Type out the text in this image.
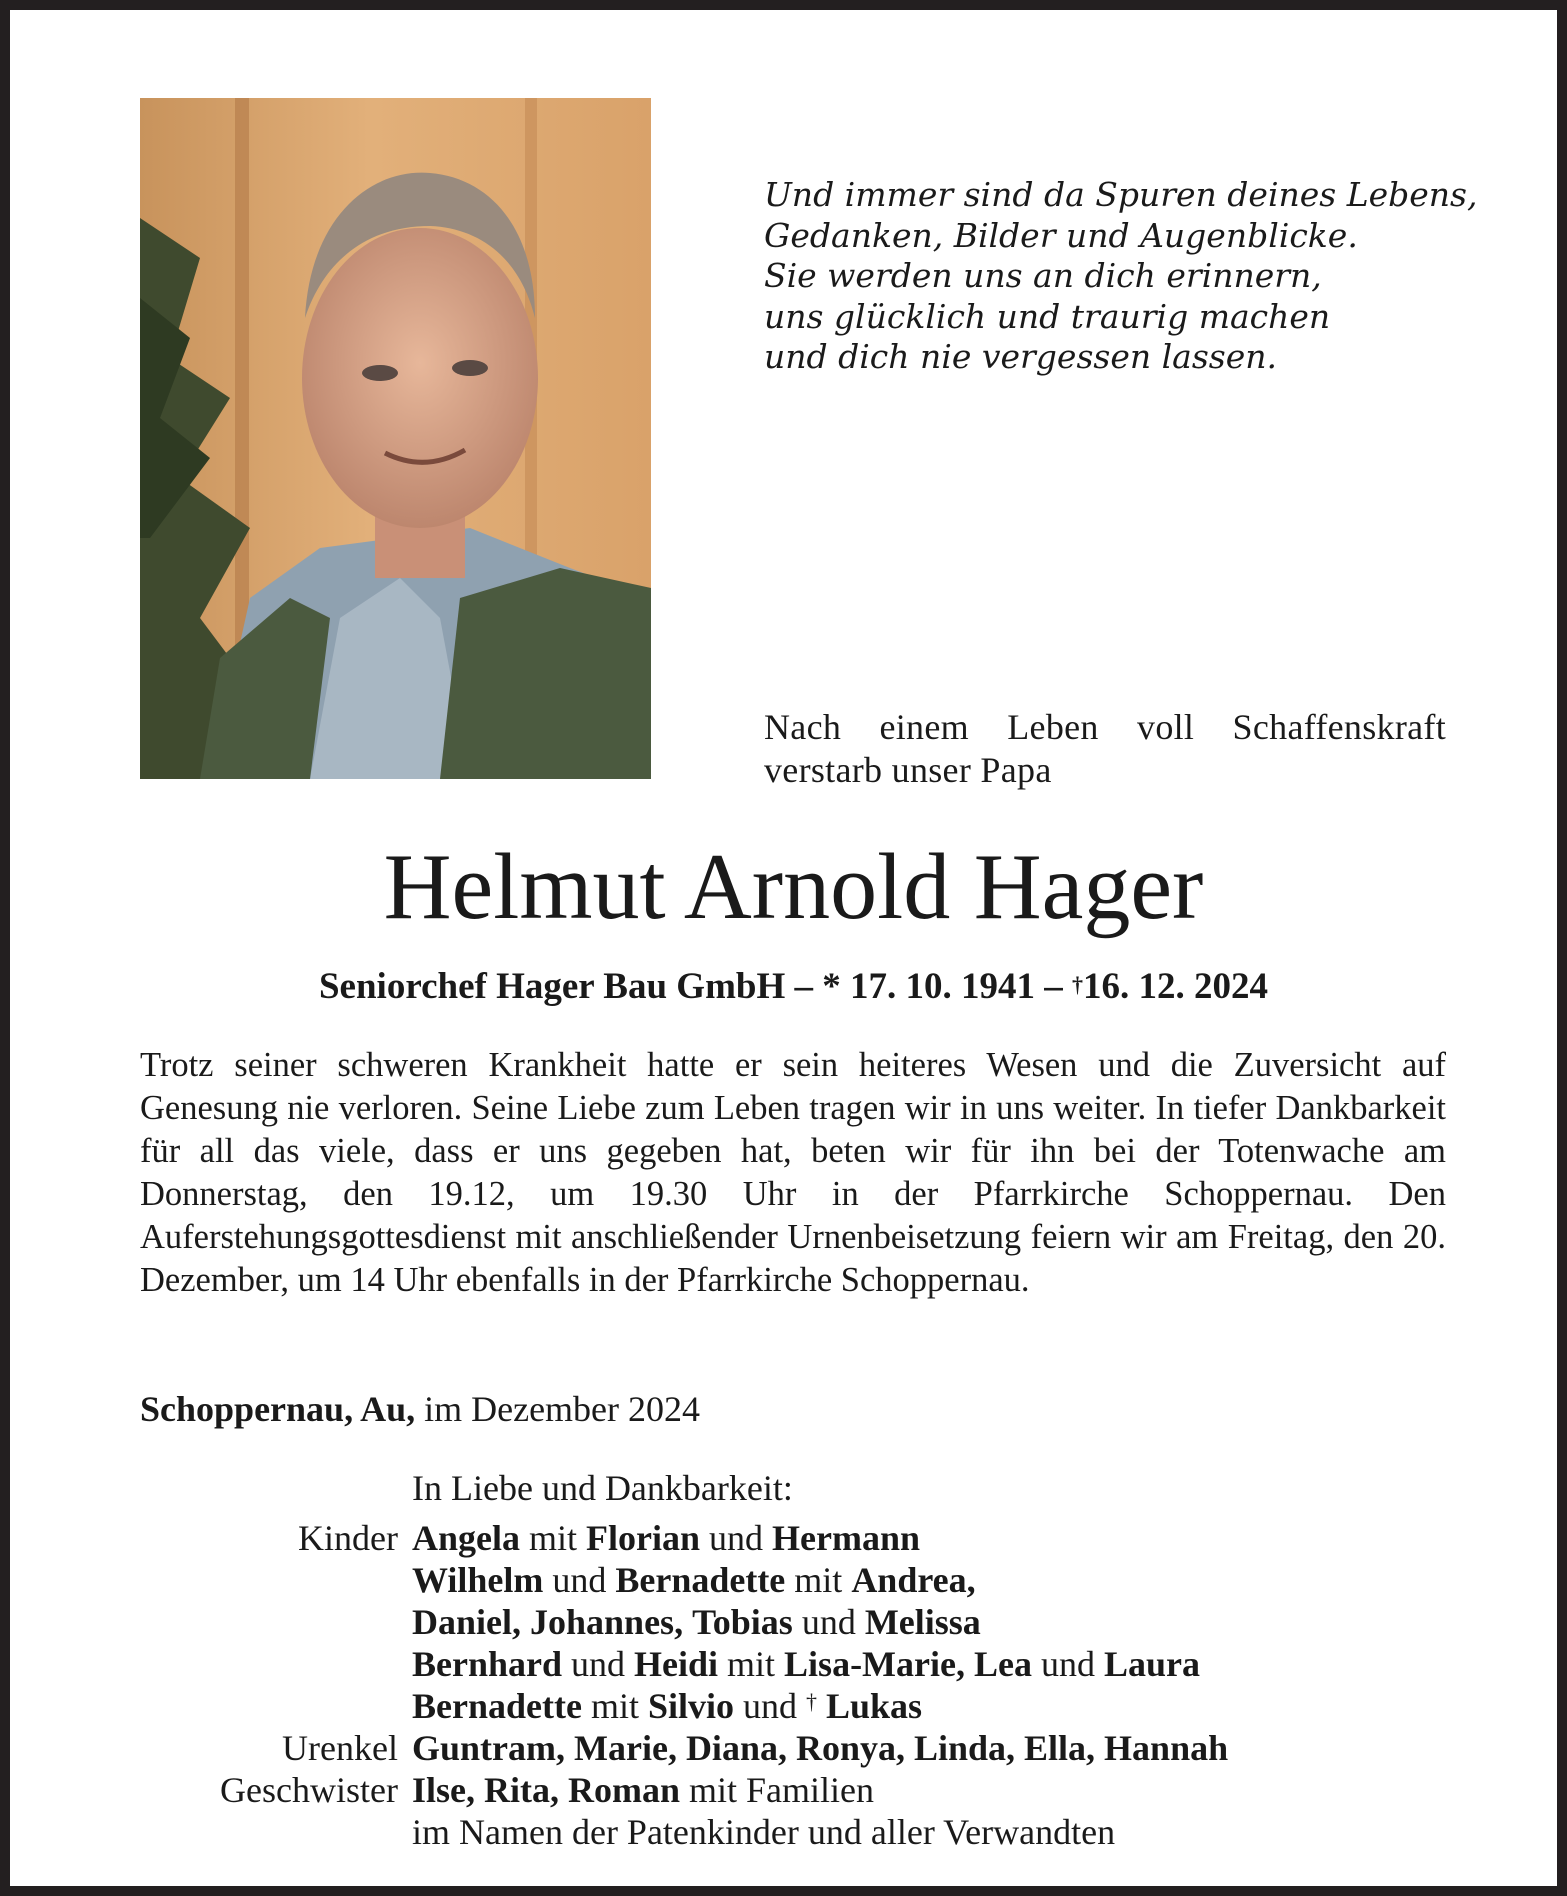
Und immer sind da Spuren deines Lebens,
Gedanken, Bilder und Augenblicke.
Sie werden uns an dich erinnern,
uns glücklich und traurig machen
und dich nie vergessen lassen.
Nach einem Leben voll Schaffenskraft
verstarb unser Papa
Helmut Arnold Hager
Seniorchef Hager Bau GmbH – * 17. 10. 1941 – †16. 12. 2024
Trotz seiner schweren Krankheit hatte er sein heiteres Wesen und die Zuversicht auf Genesung nie verloren. Seine Liebe zum Leben tragen wir in uns weiter. In tiefer Dankbarkeit für all das viele, dass er uns gegeben hat, beten wir für ihn bei der Totenwache am Donnerstag, den 19.12, um 19.30 Uhr in der Pfarrkirche Schoppernau. Den Auferstehungsgottesdienst mit anschließender Urnenbeisetzung feiern wir am Freitag, den 20. Dezember, um 14 Uhr ebenfalls in der Pfarrkirche Schoppernau.
Schoppernau, Au, im Dezember 2024
In Liebe und Dankbarkeit:
Kinder Angela mit Florian und Hermann
Wilhelm und Bernadette mit Andrea,
Daniel, Johannes, Tobias und Melissa
Bernhard und Heidi mit Lisa-Marie, Lea und Laura
Bernadette mit Silvio und † Lukas
Urenkel Guntram, Marie, Diana, Ronya, Linda, Ella, Hannah
Geschwister Ilse, Rita, Roman mit Familien
im Namen der Patenkinder und aller Verwandten
